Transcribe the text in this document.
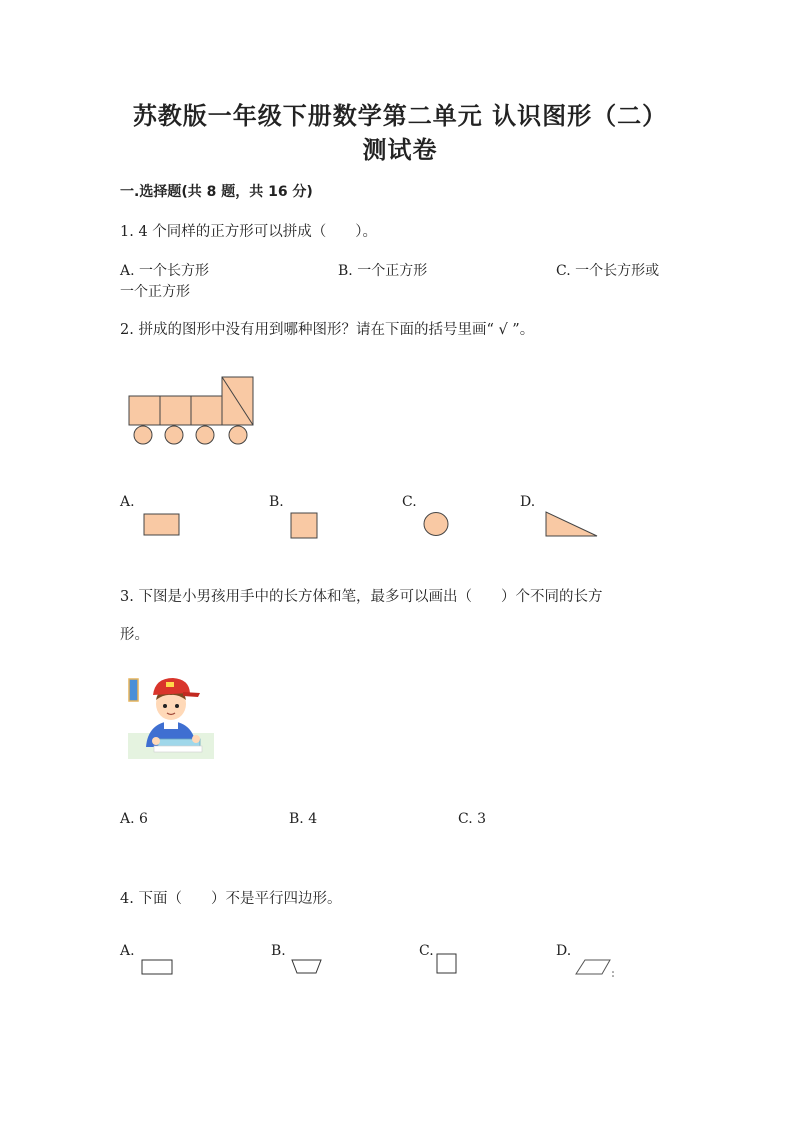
苏教版一年级下册数学第二单元 认识图形（二）
测试卷
一.选择题(共 8 题，共 16 分)
1. 4 个同样的正方形可以拼成（　　）。
A. 一个长方形	B. 一个正方形	C. 一个长方形或
一个正方形
2. 拼成的图形中没有用到哪种图形？请在下面的括号里画“ √ ”。
A.	B.	C.	D.
3. 下图是小男孩用手中的长方体和笔，最多可以画出（　　）个不同的长方
形。
A. 6	B. 4	C. 3
4. 下面（　　）不是平行四边形。
A.	B.	C.	D.
